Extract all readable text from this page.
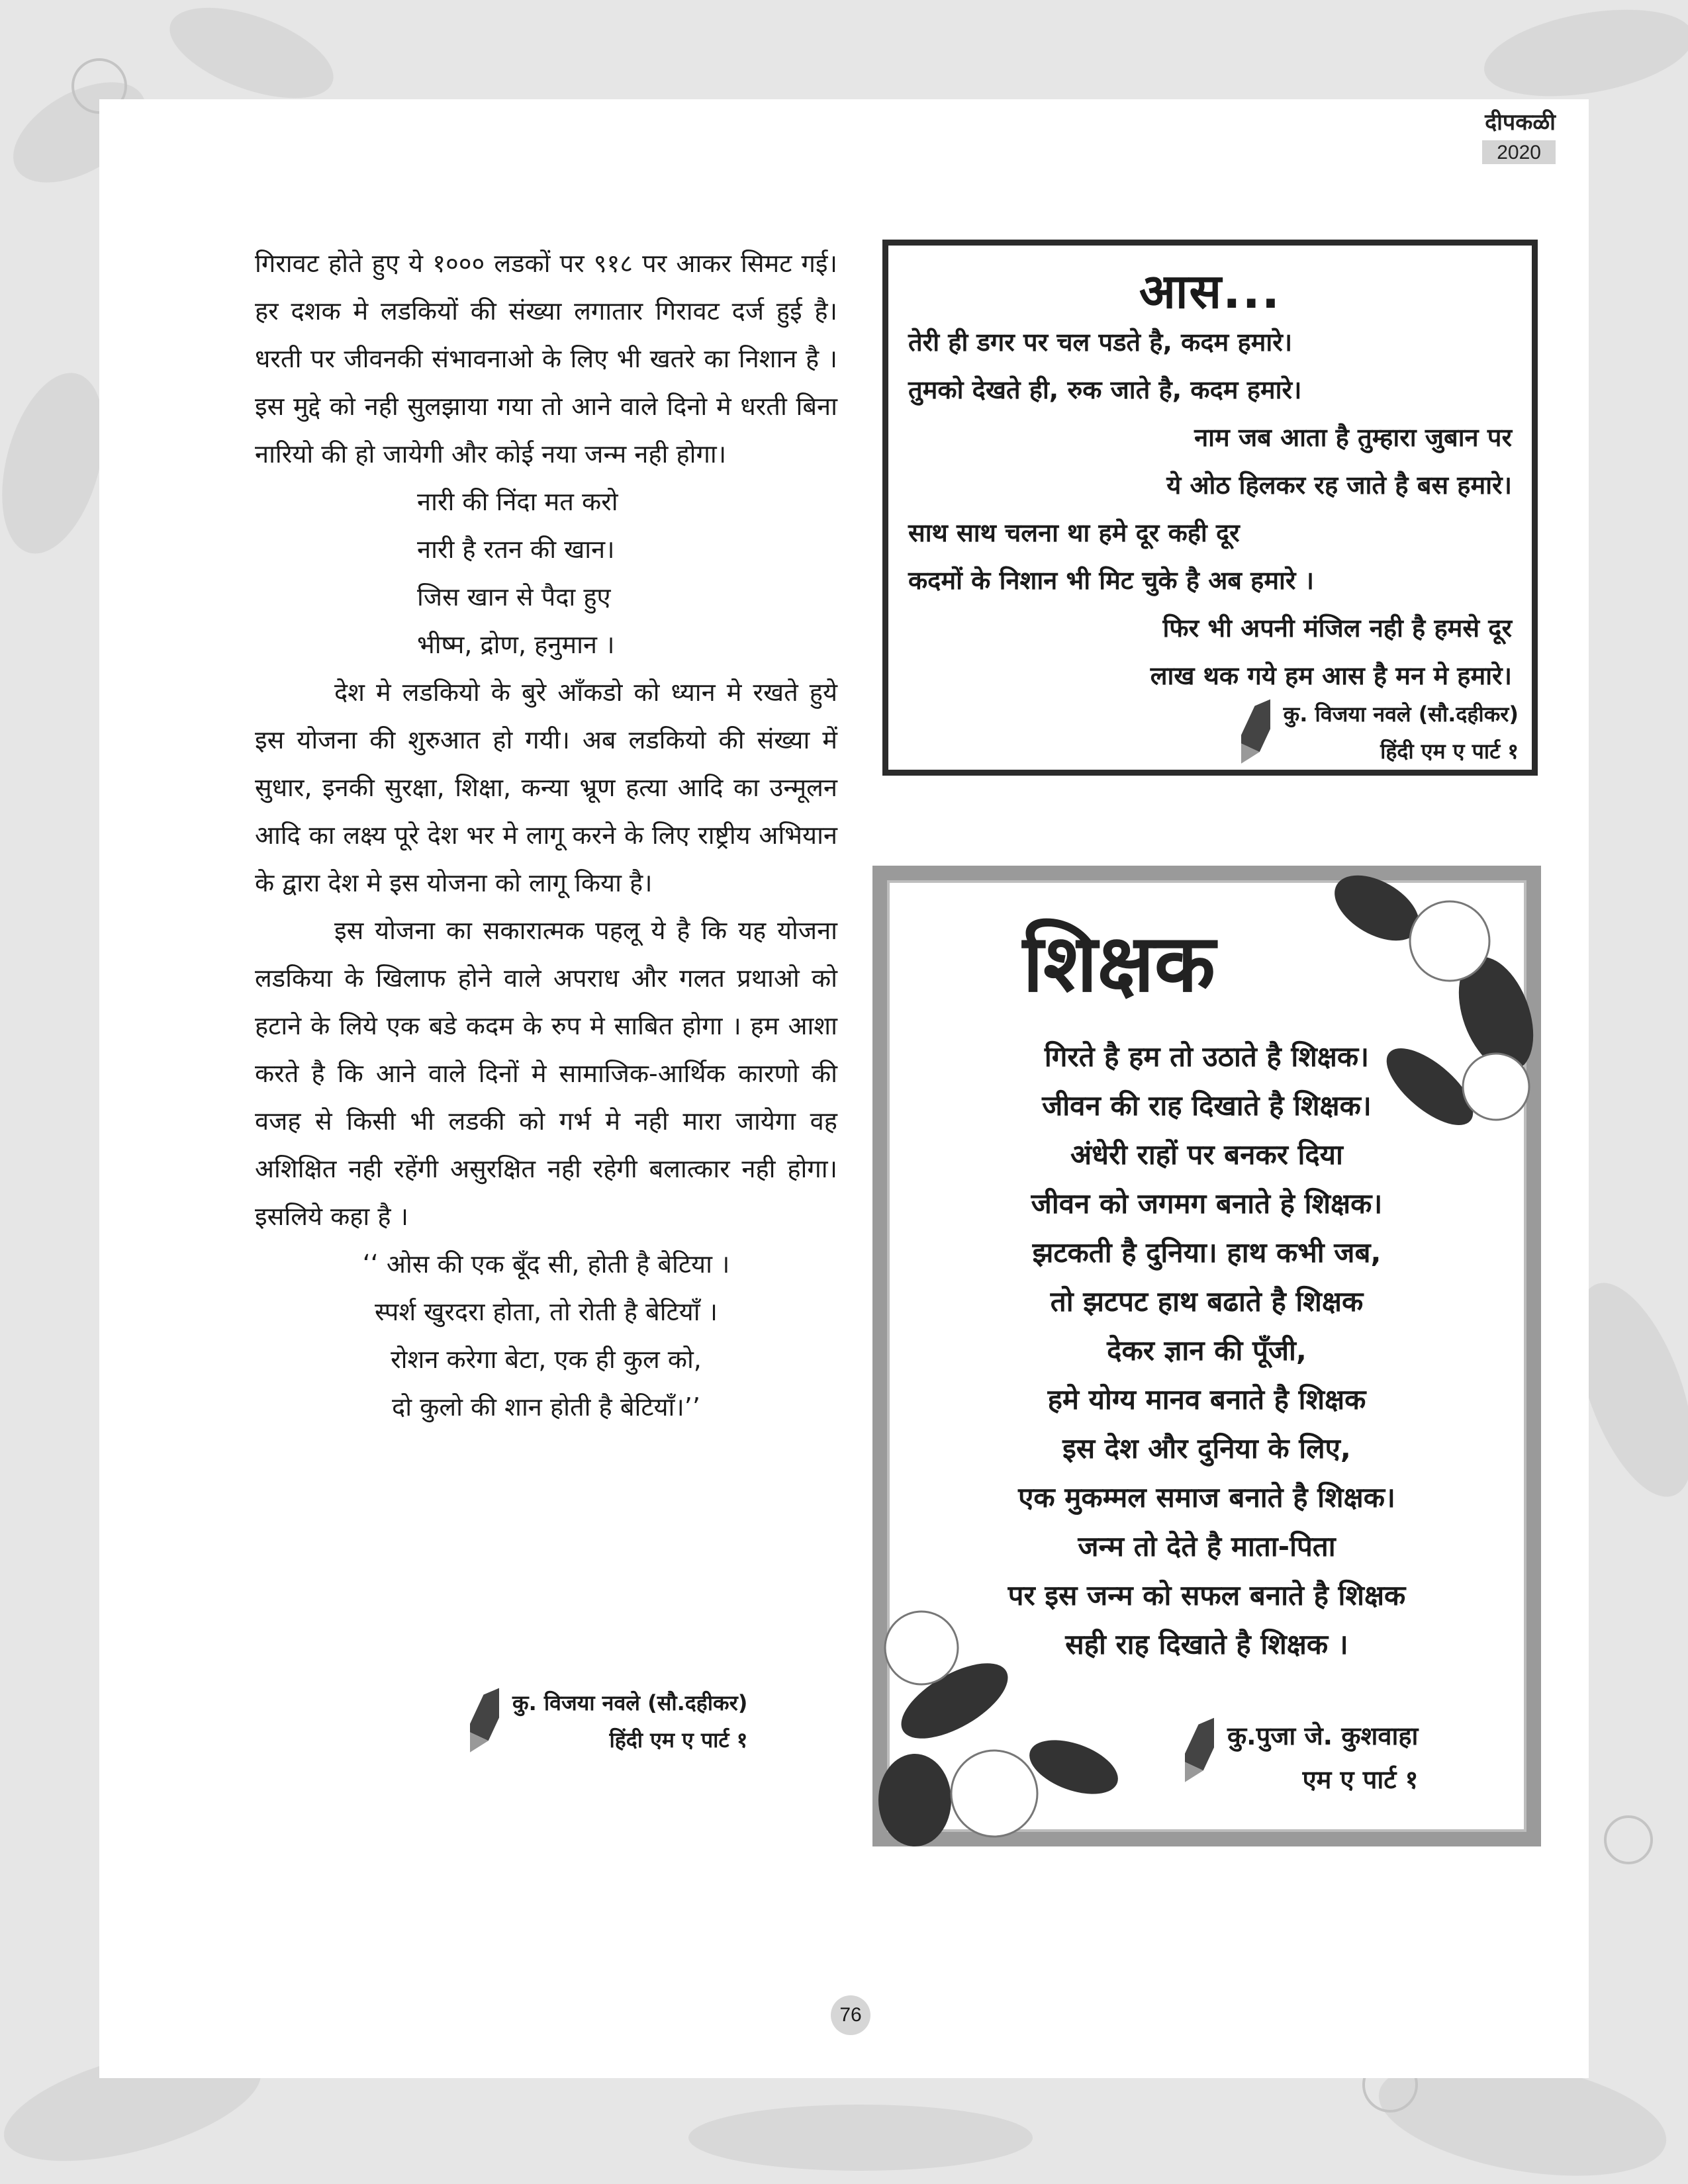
दीपकळी
2020

गिरावट होते हुए ये १००० लडकों पर ९१८ पर आकर सिमट गई। हर दशक मे लडकियों की संख्या लगातार गिरावट दर्ज हुई है। धरती पर जीवनकी संभावनाओ के लिए भी खतरे का निशान है । इस मुद्दे को नही सुलझाया गया तो आने वाले दिनो मे धरती बिना नारियो की हो जायेगी और कोई नया जन्म नही होगा।

नारी की निंदा मत करो
नारी है रतन की खान।
जिस खान से पैदा हुए
भीष्म, द्रोण, हनुमान ।

देश मे लडकियो के बुरे आँकडो को ध्यान मे रखते हुये इस योजना की शुरुआत हो गयी। अब लडकियो की संख्या में सुधार, इनकी सुरक्षा, शिक्षा, कन्या भ्रूण हत्या आदि का उन्मूलन आदि का लक्ष्य पूरे देश भर मे लागू करने के लिए राष्ट्रीय अभियान के द्वारा देश मे इस योजना को लागू किया है।

इस योजना का सकारात्मक पहलू ये है कि यह योजना लडकिया के खिलाफ होने वाले अपराध और गलत प्रथाओ को हटाने के लिये एक बडे कदम के रुप मे साबित होगा । हम आशा करते है कि आने वाले दिनों मे सामाजिक-आर्थिक कारणो की वजह से किसी भी लडकी को गर्भ मे नही मारा जायेगा वह अशिक्षित नही रहेंगी असुरक्षित नही रहेगी बलात्कार नही होगा। इसलिये कहा है ।

‘‘ ओस की एक बूँद सी, होती है बेटिया ।
स्पर्श खुरदरा होता, तो रोती है बेटियाँ ।
रोशन करेगा बेटा, एक ही कुल को,
दो कुलो की शान होती है बेटियाँ।’’
कु. विजया नवले (सौ.दहीकर)
हिंदी एम ए पार्ट १
आस...
तेरी ही डगर पर चल पडते है, कदम हमारे।
तुमको देखते ही, रुक जाते है, कदम हमारे।
नाम जब आता है तुम्हारा जुबान पर
ये ओठ हिलकर रह जाते है बस हमारे।
साथ साथ चलना था हमे दूर कही दूर
कदमों के निशान भी मिट चुके है अब हमारे ।
फिर भी अपनी मंजिल नही है हमसे दूर
लाख थक गये हम आस है मन मे हमारे।
कु. विजया नवले (सौ.दहीकर)
हिंदी एम ए पार्ट १
शिक्षक
गिरते है हम तो उठाते है शिक्षक।
जीवन की राह दिखाते है शिक्षक।
अंधेरी राहों पर बनकर दिया
जीवन को जगमग बनाते हे शिक्षक।
झटकती है दुनिया। हाथ कभी जब,
तो झटपट हाथ बढाते है शिक्षक
देकर ज्ञान की पूँजी,
हमे योग्य मानव बनाते है शिक्षक
इस देश और दुनिया के लिए,
एक मुकम्मल समाज बनाते है शिक्षक।
जन्म तो देते है माता-पिता
पर इस जन्म को सफल बनाते है शिक्षक
सही राह दिखाते है शिक्षक ।
कु.पुजा जे. कुशवाहा
एम ए पार्ट १
76
